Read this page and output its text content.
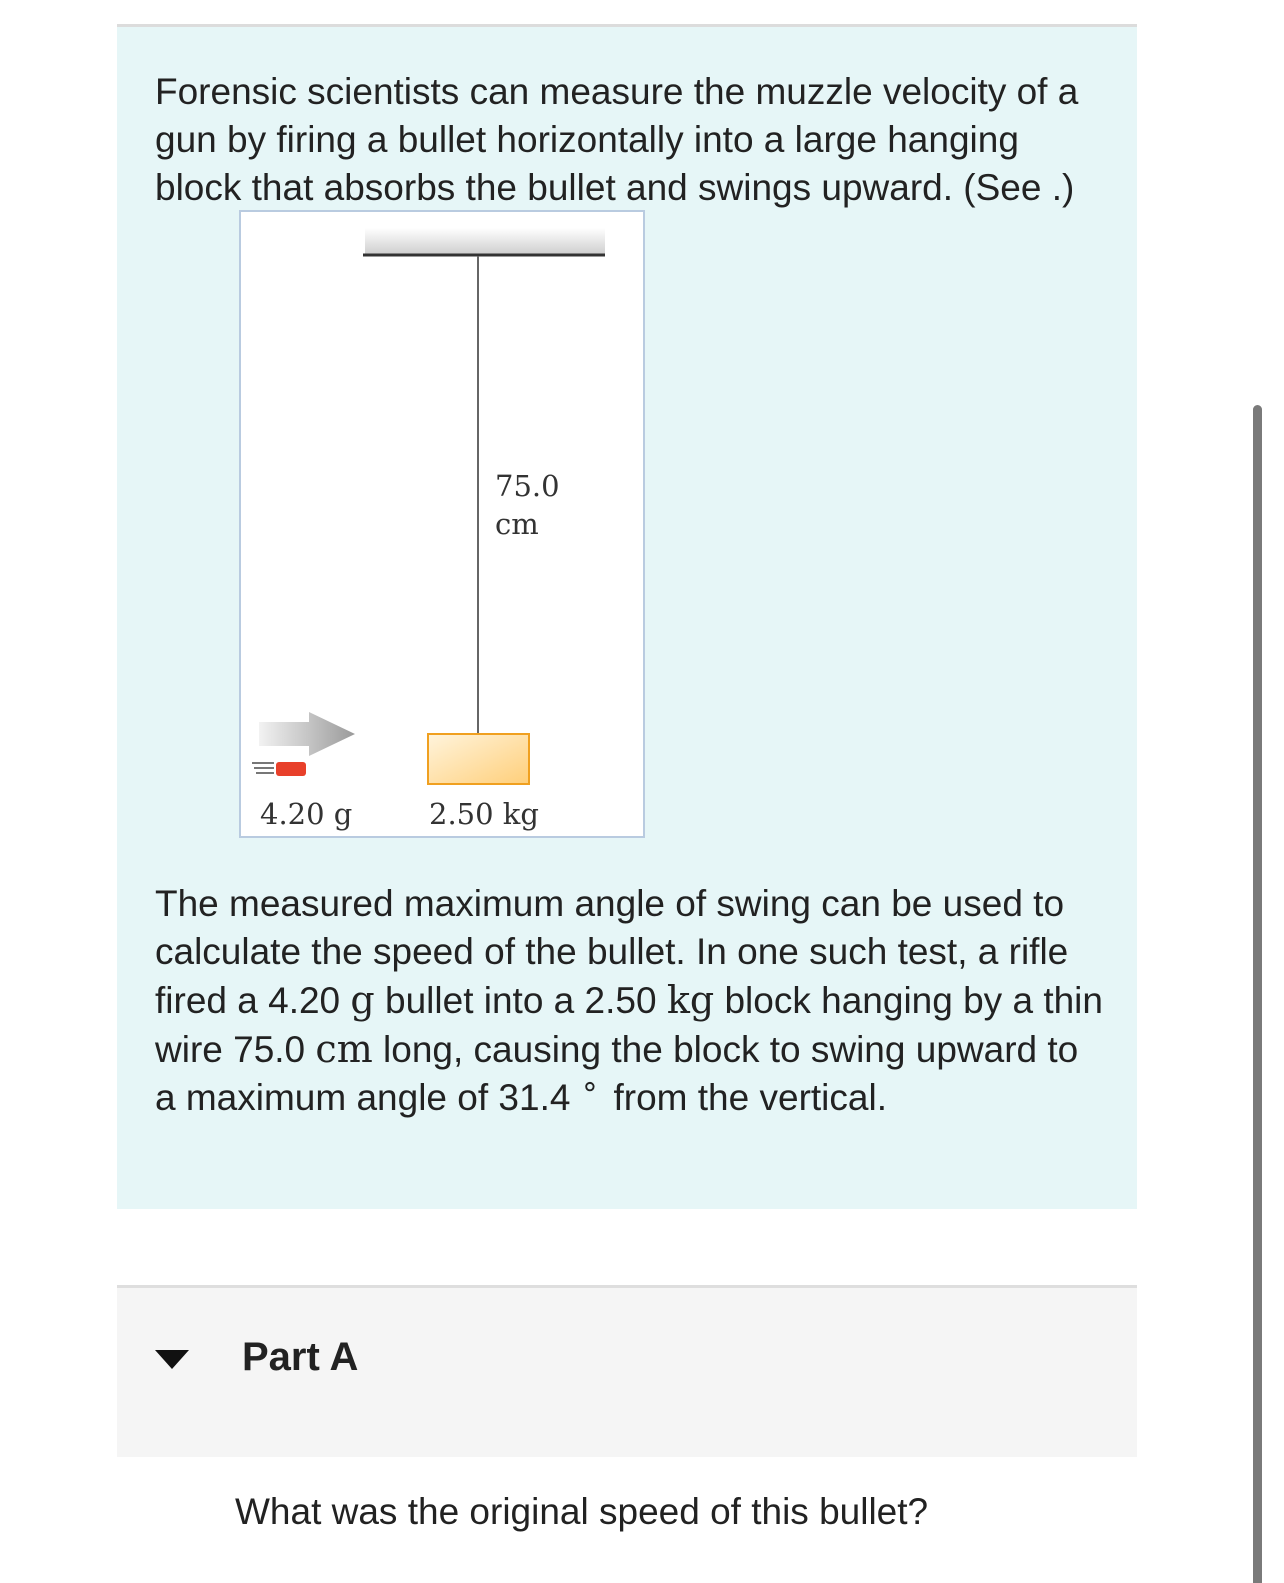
Forensic scientists can measure the muzzle velocity of a gun by firing a bullet horizontally into a large hanging block that absorbs the bullet and swings upward. (See .)

75.0
cm
4.20 g	2.50 kg

The measured maximum angle of swing can be used to calculate the speed of the bullet. In one such test, a rifle fired a 4.20 g bullet into a 2.50 kg block hanging by a thin wire 75.0 cm long, causing the block to swing upward to a maximum angle of 31.4 ∘ from the vertical.

Part A
What was the original speed of this bullet?
